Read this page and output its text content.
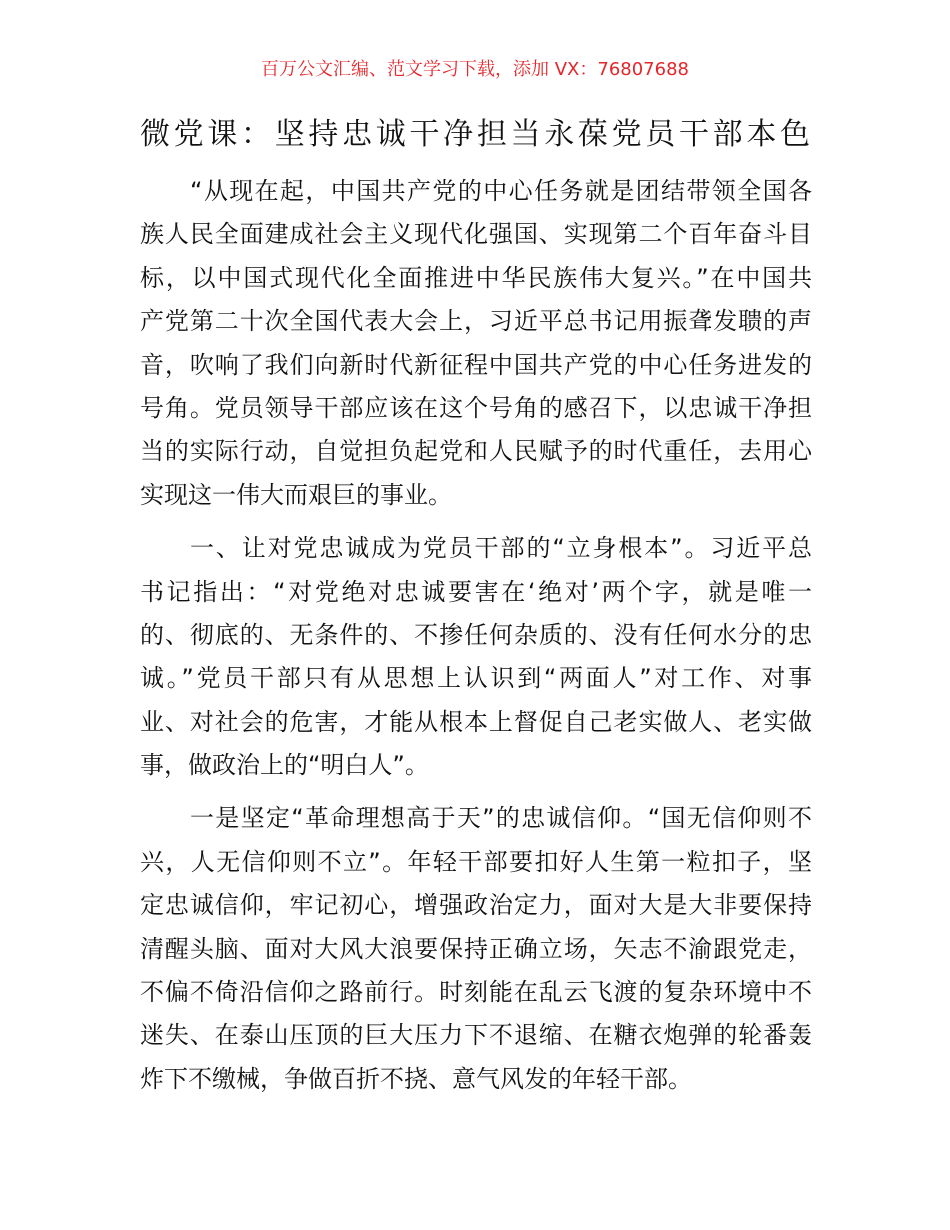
百万公文汇编、范文学习下载，添加 VX：76807688
微党课：坚持忠诚干净担当永葆党员干部本色
“从现在起，中国共产党的中心任务就是团结带领全国各
族人民全面建成社会主义现代化强国、实现第二个百年奋斗目
标，以中国式现代化全面推进中华民族伟大复兴。”在中国共
产党第二十次全国代表大会上，习近平总书记用振聋发聩的声
音，吹响了我们向新时代新征程中国共产党的中心任务进发的
号角。党员领导干部应该在这个号角的感召下，以忠诚干净担
当的实际行动，自觉担负起党和人民赋予的时代重任，去用心
实现这一伟大而艰巨的事业。
一、让对党忠诚成为党员干部的“立身根本”。习近平总
书记指出：“对党绝对忠诚要害在‘绝对’两个字，就是唯一
的、彻底的、无条件的、不掺任何杂质的、没有任何水分的忠
诚。”党员干部只有从思想上认识到“两面人”对工作、对事
业、对社会的危害，才能从根本上督促自己老实做人、老实做
事，做政治上的“明白人”。
一是坚定“革命理想高于天”的忠诚信仰。“国无信仰则不
兴，人无信仰则不立”。年轻干部要扣好人生第一粒扣子，坚
定忠诚信仰，牢记初心，增强政治定力，面对大是大非要保持
清醒头脑、面对大风大浪要保持正确立场，矢志不渝跟党走，
不偏不倚沿信仰之路前行。时刻能在乱云飞渡的复杂环境中不
迷失、在泰山压顶的巨大压力下不退缩、在糖衣炮弹的轮番轰
炸下不缴械，争做百折不挠、意气风发的年轻干部。
